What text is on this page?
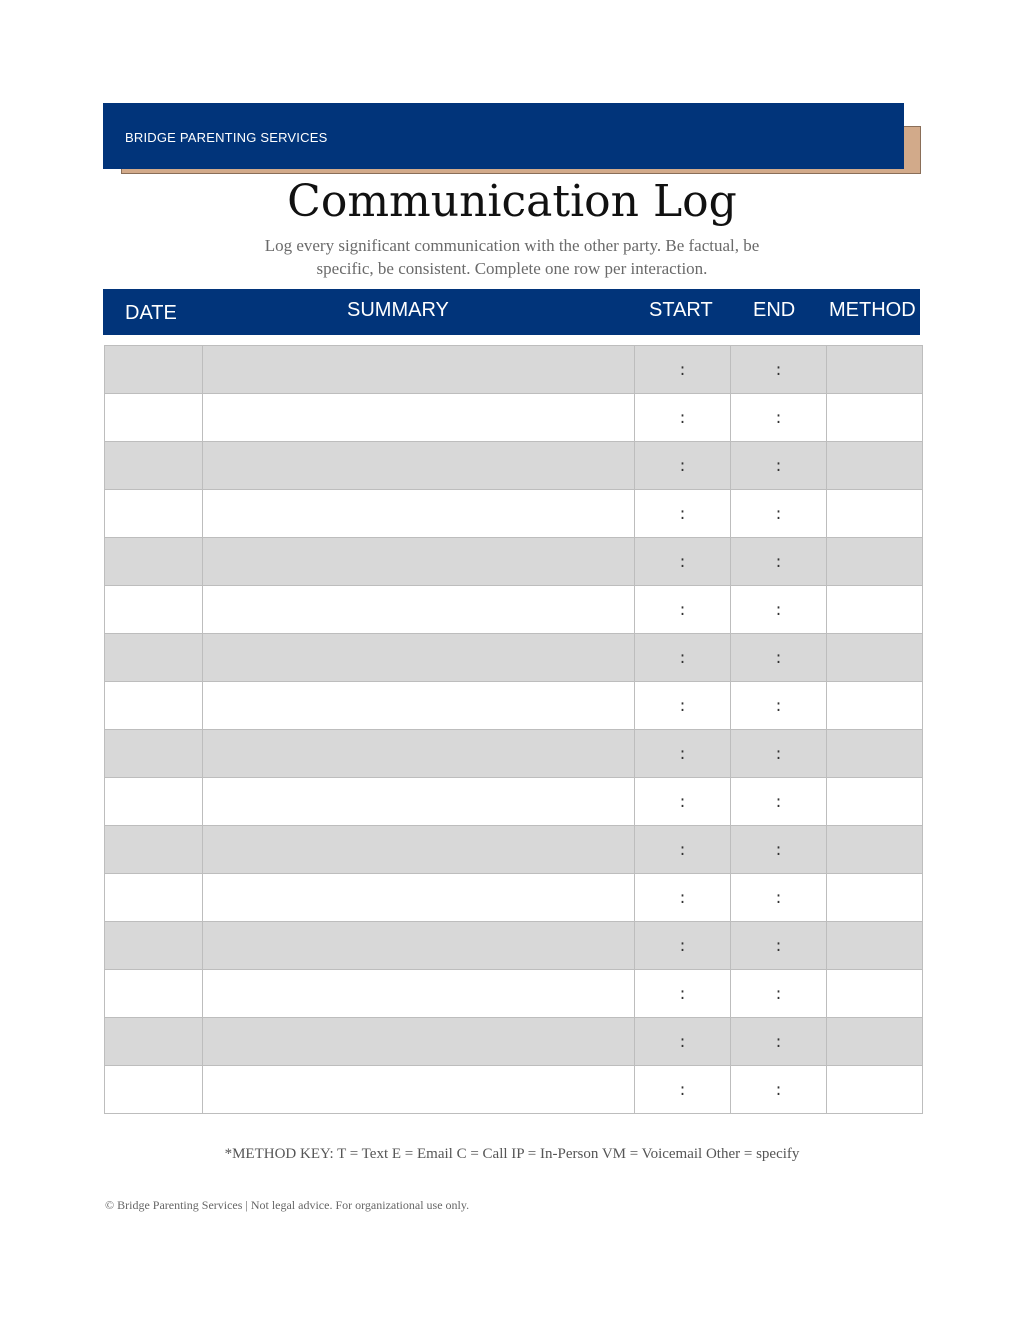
BRIDGE PARENTING SERVICES
Communication Log
Log every significant communication with the other party. Be factual, be
specific, be consistent. Complete one row per interaction.
DATE	SUMMARY	START END METHOD
		:	:	
		:	:	
		:	:	
		:	:	
		:	:	
		:	:	
		:	:	
		:	:	
		:	:	
		:	:	
		:	:	
		:	:	
		:	:	
		:	:	
		:	:	
		:	:	
*METHOD KEY: T = Text E = Email C = Call IP = In-Person VM = Voicemail Other = specify
© Bridge Parenting Services | Not legal advice. For organizational use only.
